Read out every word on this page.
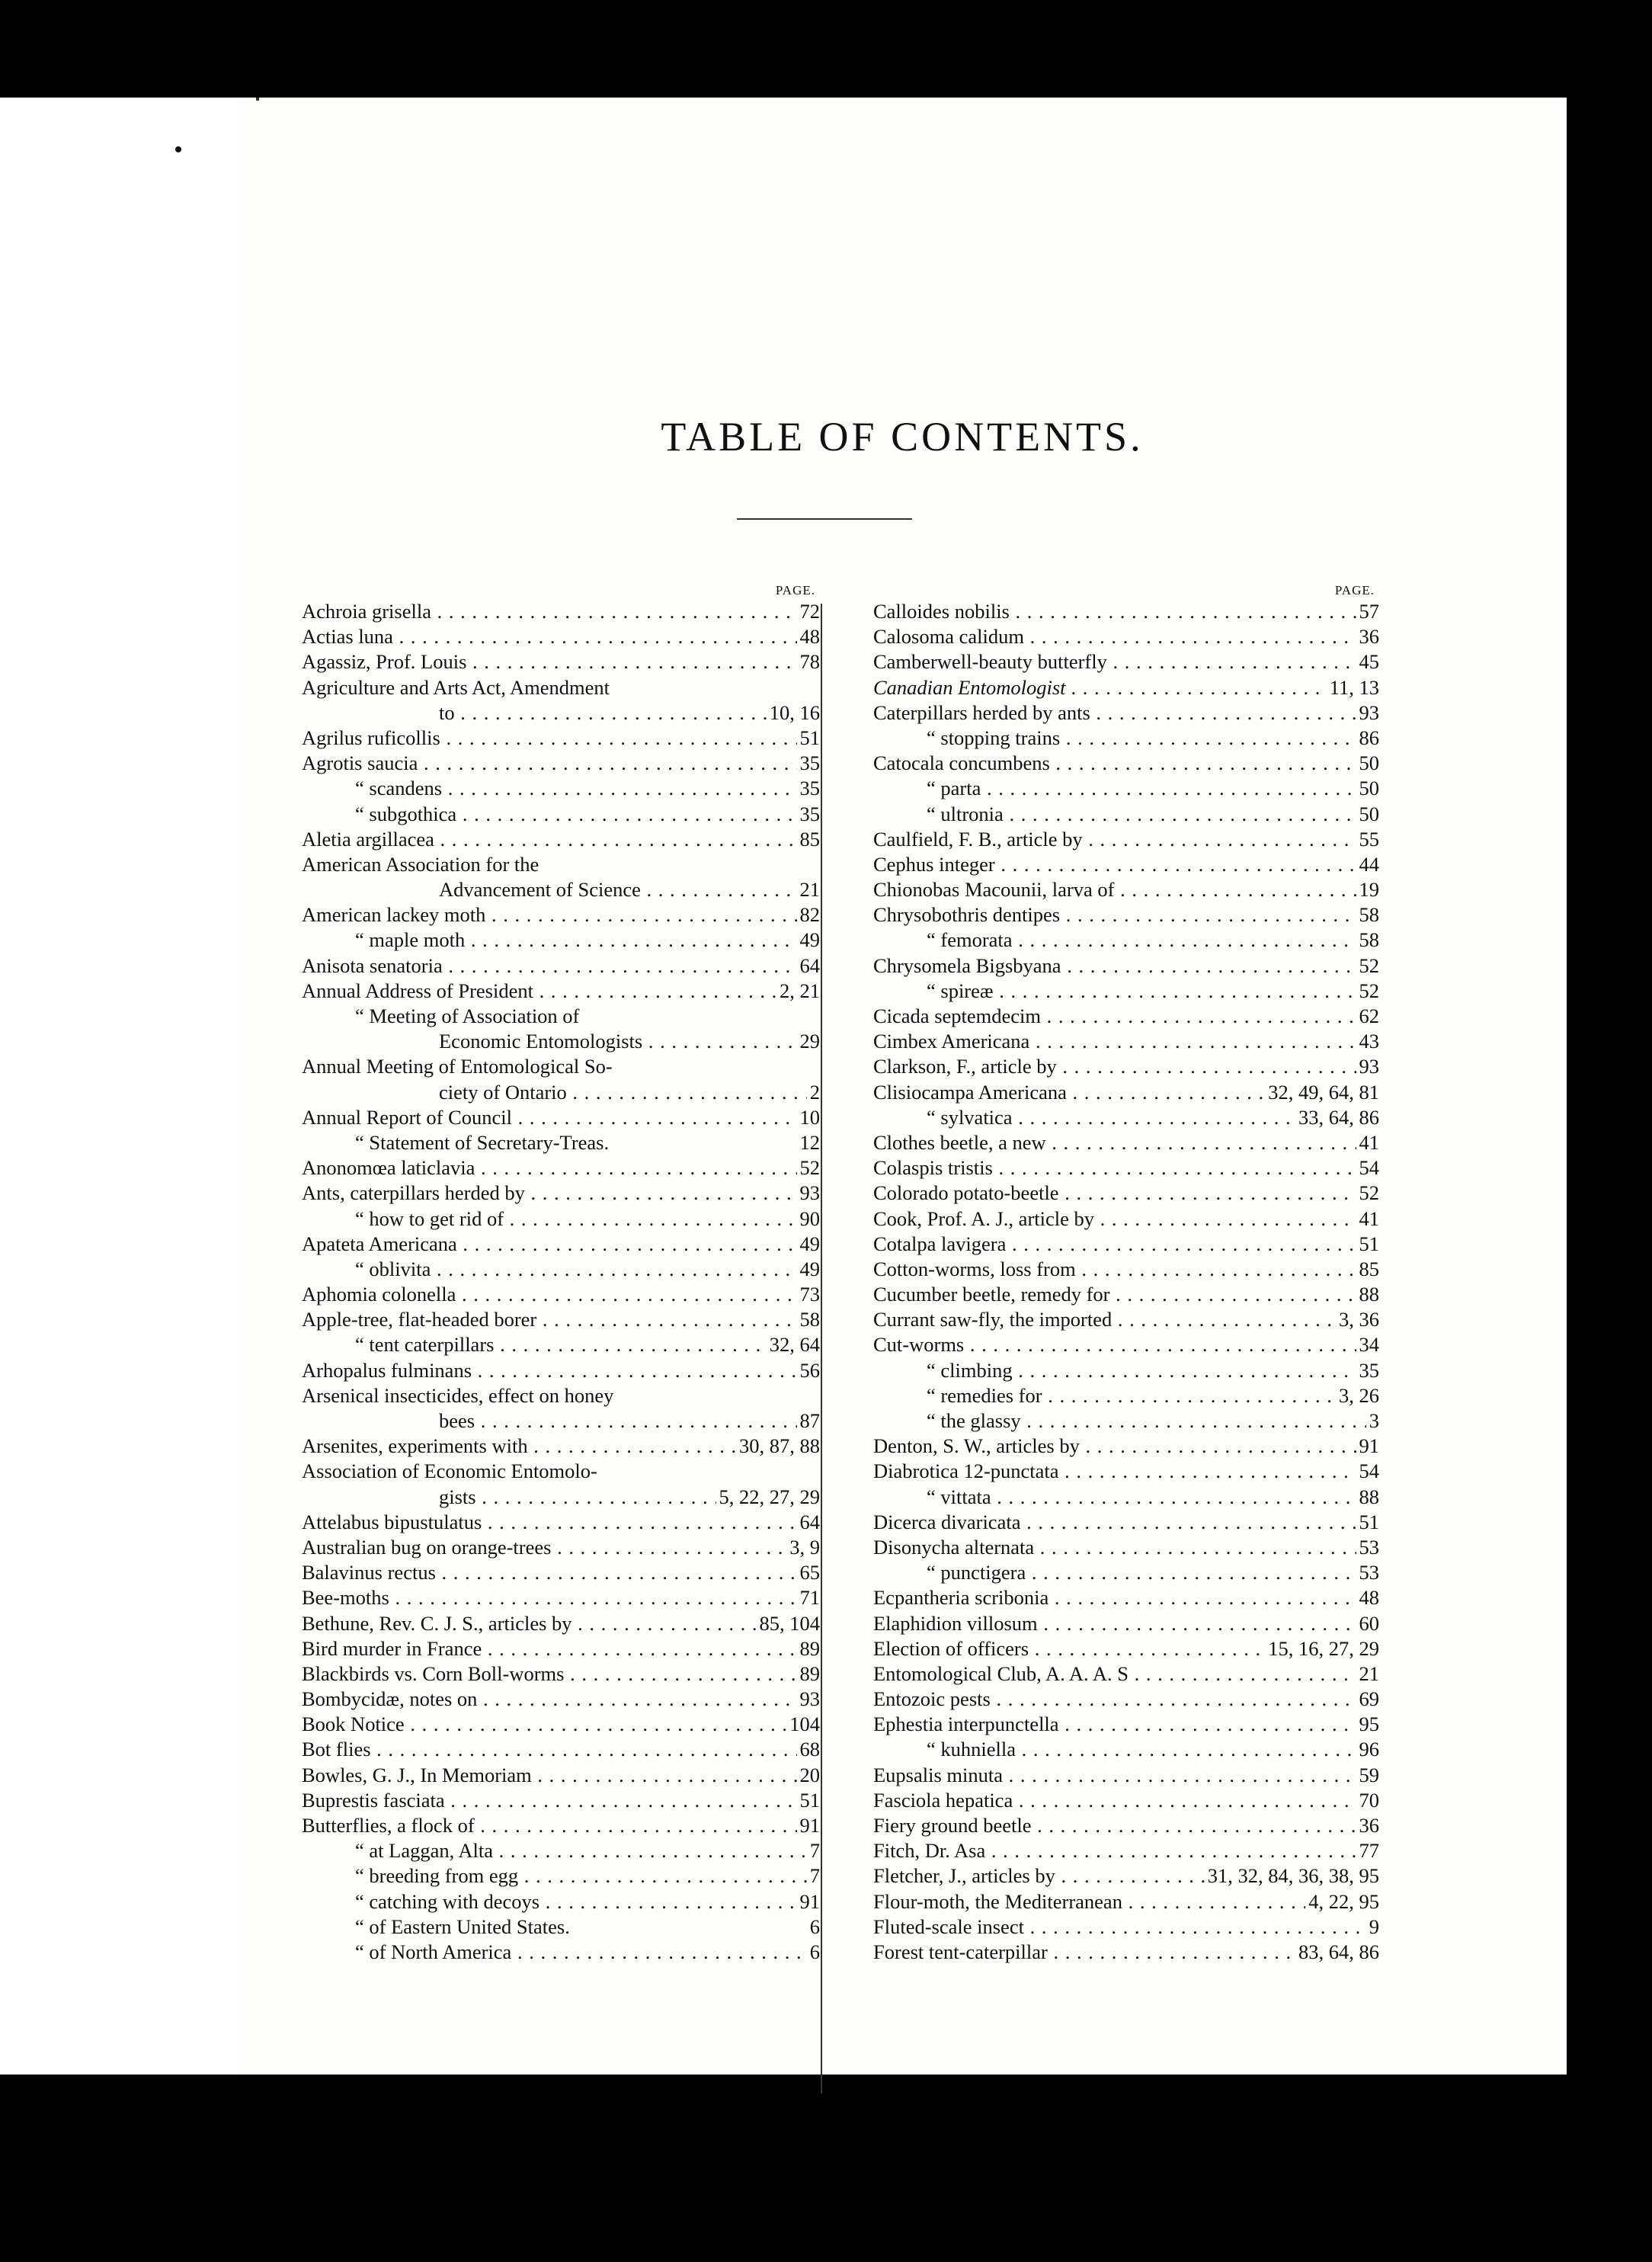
TABLE OF CONTENTS.
PAGE.
Achroia grisella . . .	72
Actias luna . . .	48
Agassiz, Prof. Louis . . .	78
Agriculture and Arts Act, Amendment
to . . .	10, 16
Agrilus ruficollis . . .	51
Agrotis saucia . . .	35
“ scandens . . .	35
“ subgothica . . .	35
Aletia argillacea . . .	85
American Association for the
Advancement of Science . . .	21
American lackey moth . . .	82
“ maple moth . . .	49
Anisota senatoria . . .	64
Annual Address of President . . .	2, 21
“ Meeting of Association of
Economic Entomologists . . .	29
Annual Meeting of Entomological So-
ciety of Ontario . . .	2
Annual Report of Council . . .	10
“ Statement of Secretary-Treas.	12
Anonomœa laticlavia . . .	52
Ants, caterpillars herded by . . .	93
“ how to get rid of . . .	90
Apateta Americana . . .	49
“ oblivita . . .	49
Aphomia colonella . . .	73
Apple-tree, flat-headed borer . . .	58
“ tent caterpillars . . .	32, 64
Arhopalus fulminans . . .	56
Arsenical insecticides, effect on honey
bees . . .	87
Arsenites, experiments with . . .	30, 87, 88
Association of Economic Entomolo-
gists . . .	5, 22, 27, 29
Attelabus bipustulatus . . .	64
Australian bug on orange-trees . . .	3, 9
Balavinus rectus . . .	65
Bee-moths . . .	71
Bethune, Rev. C. J. S., articles by . . .	85, 104
Bird murder in France . . .	89
Blackbirds vs. Corn Boll-worms . . .	89
Bombycidæ, notes on . . .	93
Book Notice . . .	104
Bot flies . . .	68
Bowles, G. J., In Memoriam . . .	20
Buprestis fasciata . . .	51
Butterflies, a flock of . . .	91
“ at Laggan, Alta . . .	7
“ breeding from egg . . .	7
“ catching with decoys . . .	91
“ of Eastern United States.	6
“ of North America . . .	6
PAGE.
Calloides nobilis . . .	57
Calosoma calidum . . .	36
Camberwell-beauty butterfly . . .	45
Canadian Entomologist . . .	11, 13
Caterpillars herded by ants . . .	93
“ stopping trains . . .	86
Catocala concumbens . . .	50
“ parta . . .	50
“ ultronia . . .	50
Caulfield, F. B., article by . . .	55
Cephus integer . . .	44
Chionobas Macounii, larva of . . .	19
Chrysobothris dentipes . . .	58
“ femorata . . .	58
Chrysomela Bigsbyana . . .	52
“ spireæ . . .	52
Cicada septemdecim . . .	62
Cimbex Americana . . .	43
Clarkson, F., article by . . .	93
Clisiocampa Americana . . .	32, 49, 64, 81
“ sylvatica . . .	33, 64, 86
Clothes beetle, a new . . .	41
Colaspis tristis . . .	54
Colorado potato-beetle . . .	52
Cook, Prof. A. J., article by . . .	41
Cotalpa lavigera . . .	51
Cotton-worms, loss from . . .	85
Cucumber beetle, remedy for . . .	88
Currant saw-fly, the imported . . .	3, 36
Cut-worms . . .	34
“ climbing . . .	35
“ remedies for . . .	3, 26
“ the glassy . . .	3
Denton, S. W., articles by . . .	91
Diabrotica 12-punctata . . .	54
“ vittata . . .	88
Dicerca divaricata . . .	51
Disonycha alternata . . .	53
“ punctigera . . .	53
Ecpantheria scribonia . . .	48
Elaphidion villosum . . .	60
Election of officers . . .	15, 16, 27, 29
Entomological Club, A. A. A. S . . .	21
Entozoic pests . . .	69
Ephestia interpunctella . . .	95
“ kuhniella . . .	96
Eupsalis minuta . . .	59
Fasciola hepatica . . .	70
Fiery ground beetle . . .	36
Fitch, Dr. Asa . . .	77
Fletcher, J., articles by . . .	31, 32, 84, 36, 38, 95
Flour-moth, the Mediterranean . . .	4, 22, 95
Fluted-scale insect . . .	9
Forest tent-caterpillar . . .	83, 64, 86
